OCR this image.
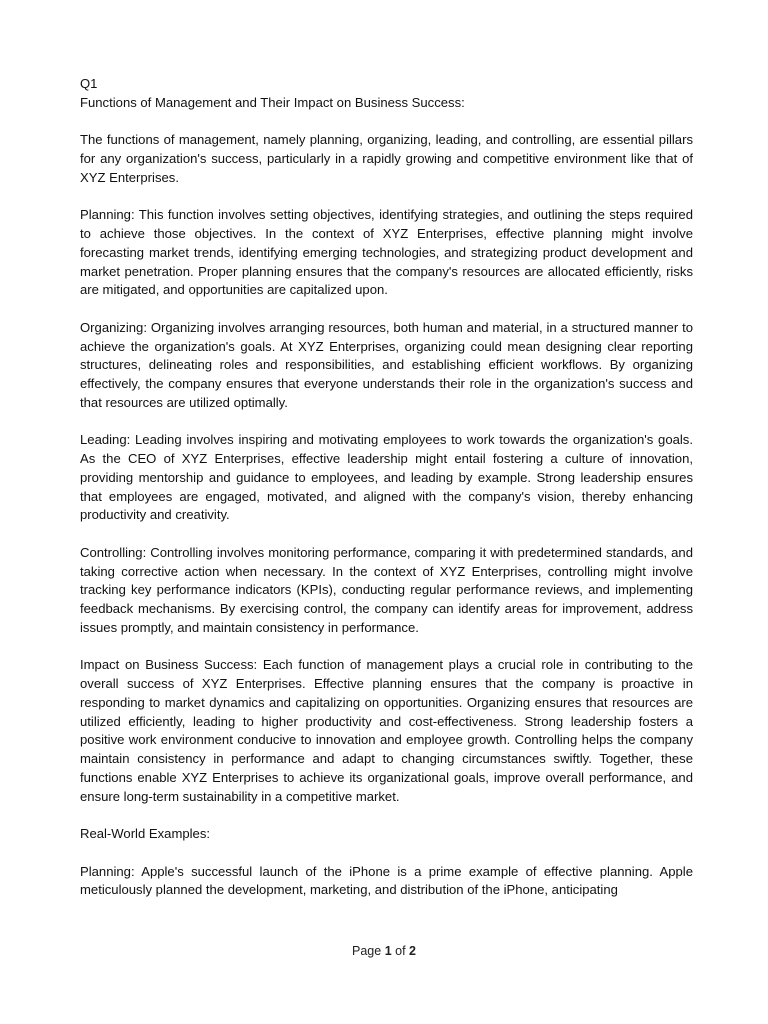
Q1

Functions of Management and Their Impact on Business Success:

The functions of management, namely planning, organizing, leading, and controlling, are essential pillars for any organization's success, particularly in a rapidly growing and competitive environment like that of XYZ Enterprises.

Planning: This function involves setting objectives, identifying strategies, and outlining the steps required to achieve those objectives. In the context of XYZ Enterprises, effective planning might involve forecasting market trends, identifying emerging technologies, and strategizing product development and market penetration. Proper planning ensures that the company's resources are allocated efficiently, risks are mitigated, and opportunities are capitalized upon.

Organizing: Organizing involves arranging resources, both human and material, in a structured manner to achieve the organization's goals. At XYZ Enterprises, organizing could mean designing clear reporting structures, delineating roles and responsibilities, and establishing efficient workflows. By organizing effectively, the company ensures that everyone understands their role in the organization's success and that resources are utilized optimally.

Leading: Leading involves inspiring and motivating employees to work towards the organization's goals. As the CEO of XYZ Enterprises, effective leadership might entail fostering a culture of innovation, providing mentorship and guidance to employees, and leading by example. Strong leadership ensures that employees are engaged, motivated, and aligned with the company's vision, thereby enhancing productivity and creativity.

Controlling: Controlling involves monitoring performance, comparing it with predetermined standards, and taking corrective action when necessary. In the context of XYZ Enterprises, controlling might involve tracking key performance indicators (KPIs), conducting regular performance reviews, and implementing feedback mechanisms. By exercising control, the company can identify areas for improvement, address issues promptly, and maintain consistency in performance.

Impact on Business Success: Each function of management plays a crucial role in contributing to the overall success of XYZ Enterprises. Effective planning ensures that the company is proactive in responding to market dynamics and capitalizing on opportunities. Organizing ensures that resources are utilized efficiently, leading to higher productivity and cost-effectiveness. Strong leadership fosters a positive work environment conducive to innovation and employee growth. Controlling helps the company maintain consistency in performance and adapt to changing circumstances swiftly. Together, these functions enable XYZ Enterprises to achieve its organizational goals, improve overall performance, and ensure long-term sustainability in a competitive market.

Real-World Examples:

Planning: Apple's successful launch of the iPhone is a prime example of effective planning. Apple meticulously planned the development, marketing, and distribution of the iPhone, anticipating

Page 1 of 2
